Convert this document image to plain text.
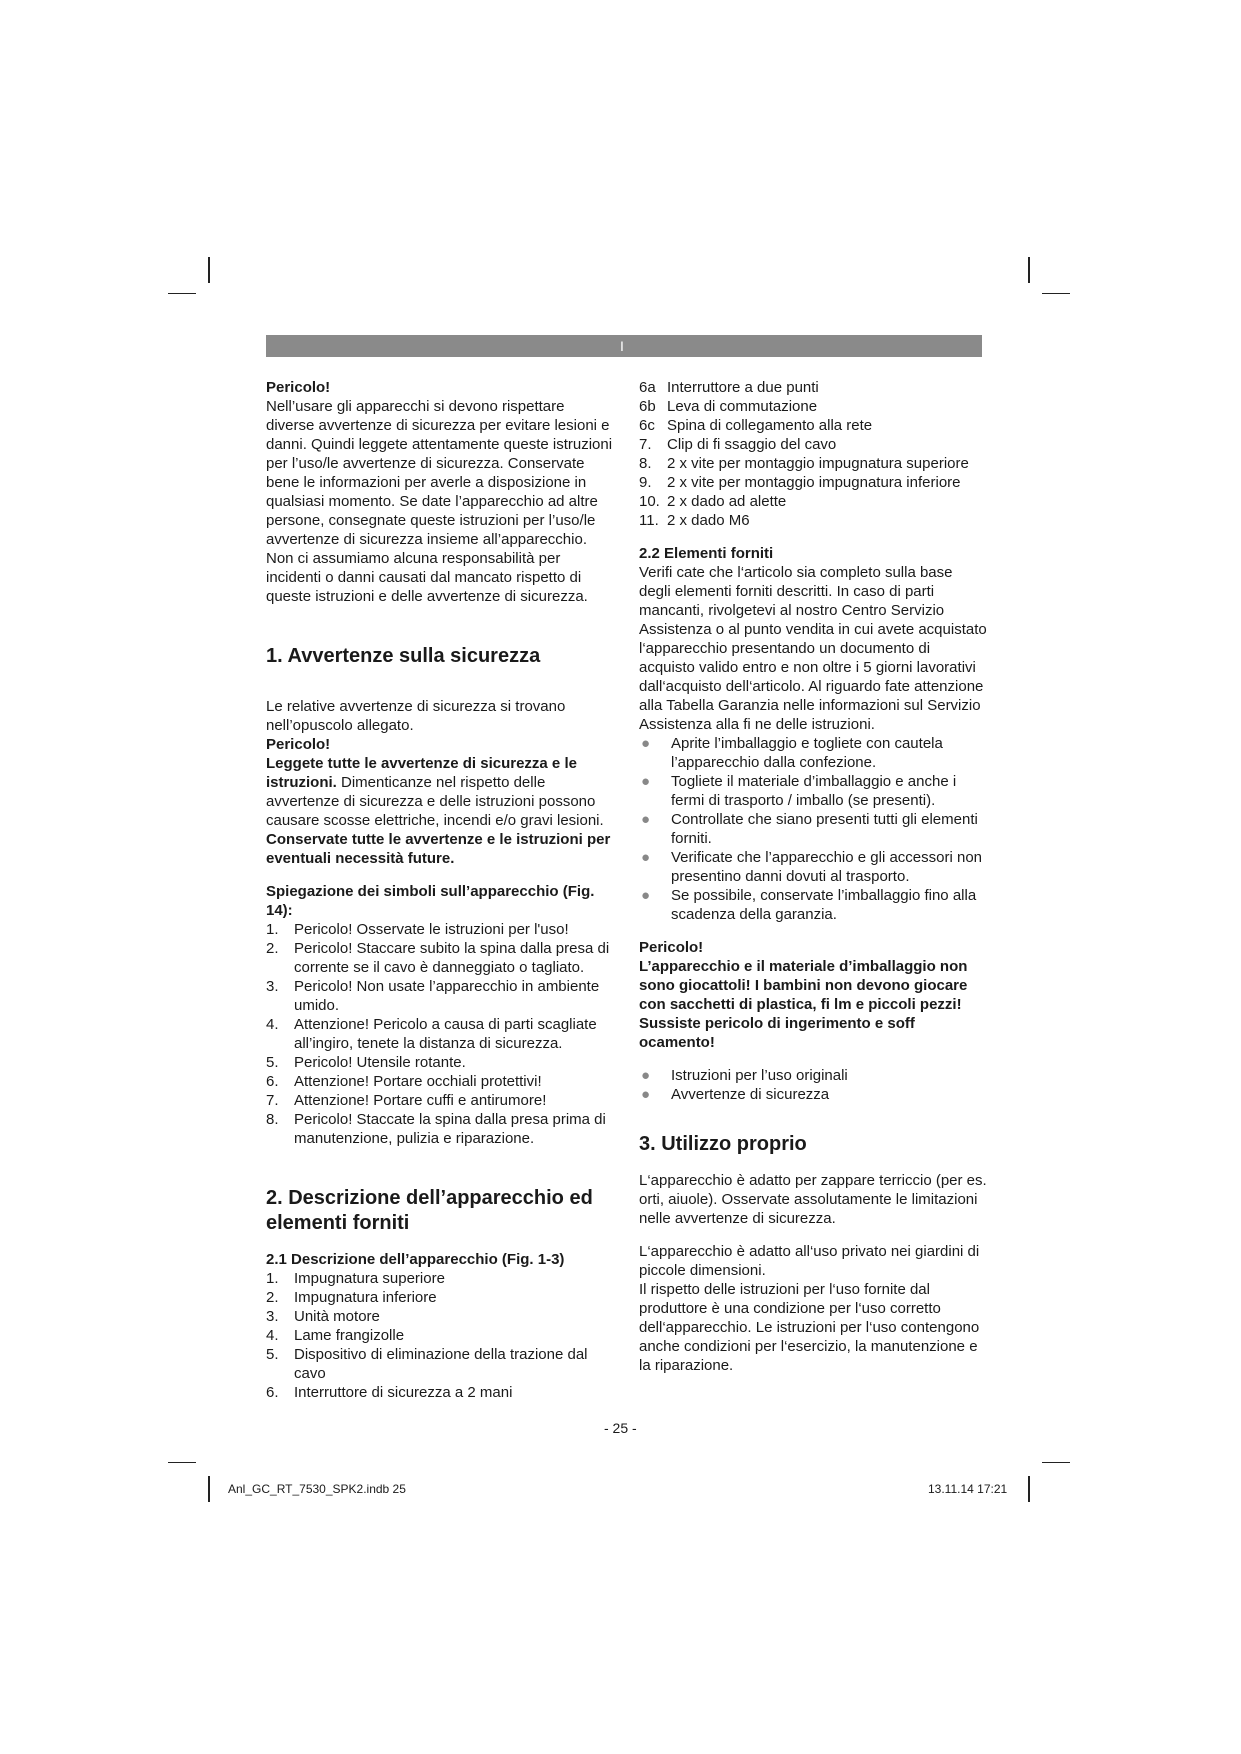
I

Pericolo!

Nell’usare gli apparecchi si devono rispettare diverse avvertenze di sicurezza per evitare lesioni e danni. Quindi leggete attentamente queste istruzioni per l’uso/le avvertenze di sicurezza. Conservate bene le informazioni per averle a disposizione in qualsiasi momento. Se date l’apparecchio ad altre persone, consegnate queste istruzioni per l’uso/le avvertenze di sicurezza insieme all’apparecchio. Non ci assumiamo alcuna responsabilità per incidenti o danni causati dal mancato rispetto di queste istruzioni e delle avvertenze di sicurezza.

1. Avvertenze sulla sicurezza

Le relative avvertenze di sicurezza si trovano nell’opuscolo allegato.

Pericolo!

Leggete tutte le avvertenze di sicurezza e le istruzioni. Dimenticanze nel rispetto delle avvertenze di sicurezza e delle istruzioni possono causare scosse elettriche, incendi e/o gravi lesioni.

Conservate tutte le avvertenze e le istruzioni per eventuali necessità future.

Spiegazione dei simboli sull’apparecchio (Fig. 14):
1. Pericolo! Osservate le istruzioni per l'uso!
2. Pericolo! Staccare subito la spina dalla presa di corrente se il cavo è danneggiato o tagliato.
3. Pericolo! Non usate l’apparecchio in ambiente umido.
4. Attenzione! Pericolo a causa di parti scagliate all’ingiro, tenete la distanza di sicurezza.
5. Pericolo! Utensile rotante.
6. Attenzione! Portare occhiali protettivi!
7. Attenzione! Portare cuffi e antirumore!
8. Pericolo! Staccate la spina dalla presa prima di manutenzione, pulizia e riparazione.
2. Descrizione dell’apparecchio ed elementi forniti
2.1 Descrizione dell’apparecchio (Fig. 1-3)
1. Impugnatura superiore
2. Impugnatura inferiore
3. Unità motore
4. Lame frangizolle
5. Dispositivo di eliminazione della trazione dal cavo
6. Interruttore di sicurezza a 2 mani
6a Interruttore a due punti
6b Leva di commutazione
6c Spina di collegamento alla rete
7. Clip di fi ssaggio del cavo
8. 2 x vite per montaggio impugnatura superiore
9. 2 x vite per montaggio impugnatura inferiore
10. 2 x dado ad alette
11. 2 x dado M6
2.2 Elementi forniti

Verifi cate che l‘articolo sia completo sulla base degli elementi forniti descritti. In caso di parti mancanti, rivolgetevi al nostro Centro Servizio Assistenza o al punto vendita in cui avete acquistato l‘apparecchio presentando un documento di acquisto valido entro e non oltre i 5 giorni lavorativi dall‘acquisto dell‘articolo. Al riguardo fate attenzione alla Tabella Garanzia nelle informazioni sul Servizio Assistenza alla fi ne delle istruzioni.

● Aprite l’imballaggio e togliete con cautela l’apparecchio dalla confezione.
● Togliete il materiale d’imballaggio e anche i fermi di trasporto / imballo (se presenti).
● Controllate che siano presenti tutti gli elementi forniti.
● Verificate che l’apparecchio e gli accessori non presentino danni dovuti al trasporto.
● Se possibile, conservate l’imballaggio fino alla scadenza della garanzia.

Pericolo!

L’apparecchio e il materiale d’imballaggio non sono giocattoli! I bambini non devono giocare con sacchetti di plastica, fi lm e piccoli pezzi! Sussiste pericolo di ingerimento e soff ocamento!

● Istruzioni per l’uso originali
● Avvertenze di sicurezza
3. Utilizzo proprio

L‘apparecchio è adatto per zappare terriccio (per es. orti, aiuole). Osservate assolutamente le limitazioni nelle avvertenze di sicurezza.

L‘apparecchio è adatto all‘uso privato nei giardini di piccole dimensioni.

Il rispetto delle istruzioni per l‘uso fornite dal produttore è una condizione per l‘uso corretto dell‘apparecchio. Le istruzioni per l‘uso contengono anche condizioni per l‘esercizio, la manutenzione e la riparazione.

- 25 -
Anl_GC_RT_7530_SPK2.indb 25	13.11.14 17:21
